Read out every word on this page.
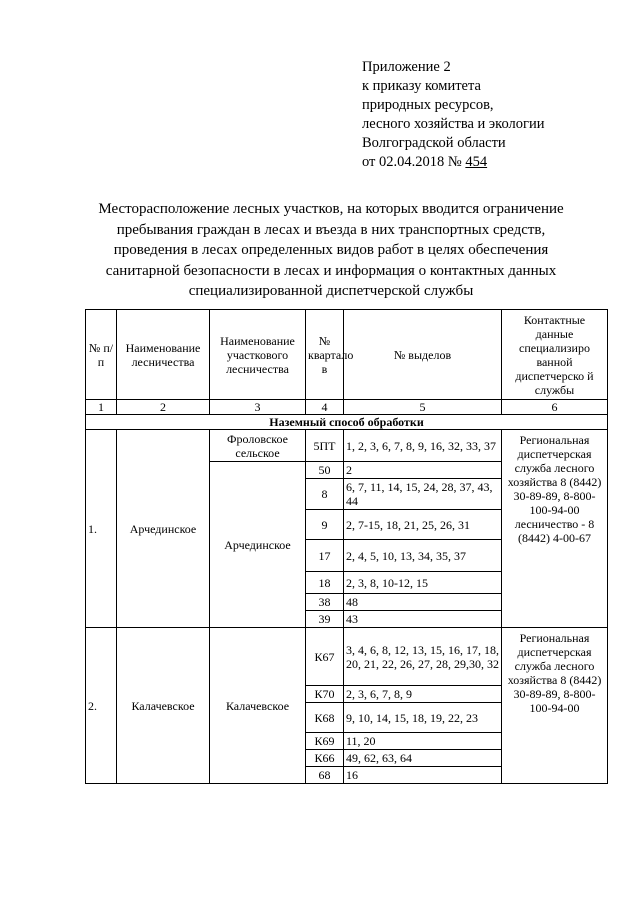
Приложение 2
к приказу комитета
природных ресурсов,
лесного хозяйства и экологии
Волгоградской области
от 02.04.2018 № 454
Месторасположение лесных участков, на которых вводится ограничение
пребывания граждан в лесах и въезда в них транспортных средств,
проведения в лесах определенных видов работ в целях обеспечения
санитарной безопасности в лесах и информация о контактных данных
специализированной диспетчерской службы
№ п/п	Наименование лесничества	Наименование участкового лесничества	№ квартало в	№ выделов	Контактные данные специализиро ванной диспетчерско й службы
1	2	3	4	5	6
Наземный способ обработки					
1.	Арчединское	Фроловское сельское	5ПТ	1, 2, 3, 6, 7, 8, 9, 16, 32, 33, 37	Региональная диспетчерская служба лесного хозяйства 8 (8442) 30-89-89, 8-800-100-94-00 лесничество - 8 (8442) 4-00-67
		Арчединское	50	2	
			8	6, 7, 11, 14, 15, 24, 28, 37, 43, 44	
			9	2, 7-15, 18, 21, 25, 26, 31	
			17	2, 4, 5, 10, 13, 34, 35, 37	
			18	2, 3, 8, 10-12, 15	
			38	48	
			39	43	
2.	Калачевское	Калачевское	К67	3, 4, 6, 8, 12, 13, 15, 16, 17, 18, 20, 21, 22, 26, 27, 28, 29,30, 32	Региональная диспетчерская служба лесного хозяйства 8 (8442) 30-89-89, 8-800-100-94-00
			К70	2, 3, 6, 7, 8, 9	
			К68	9, 10, 14, 15, 18, 19, 22, 23	
			К69	11, 20	
			К66	49, 62, 63, 64	
			68	16	
